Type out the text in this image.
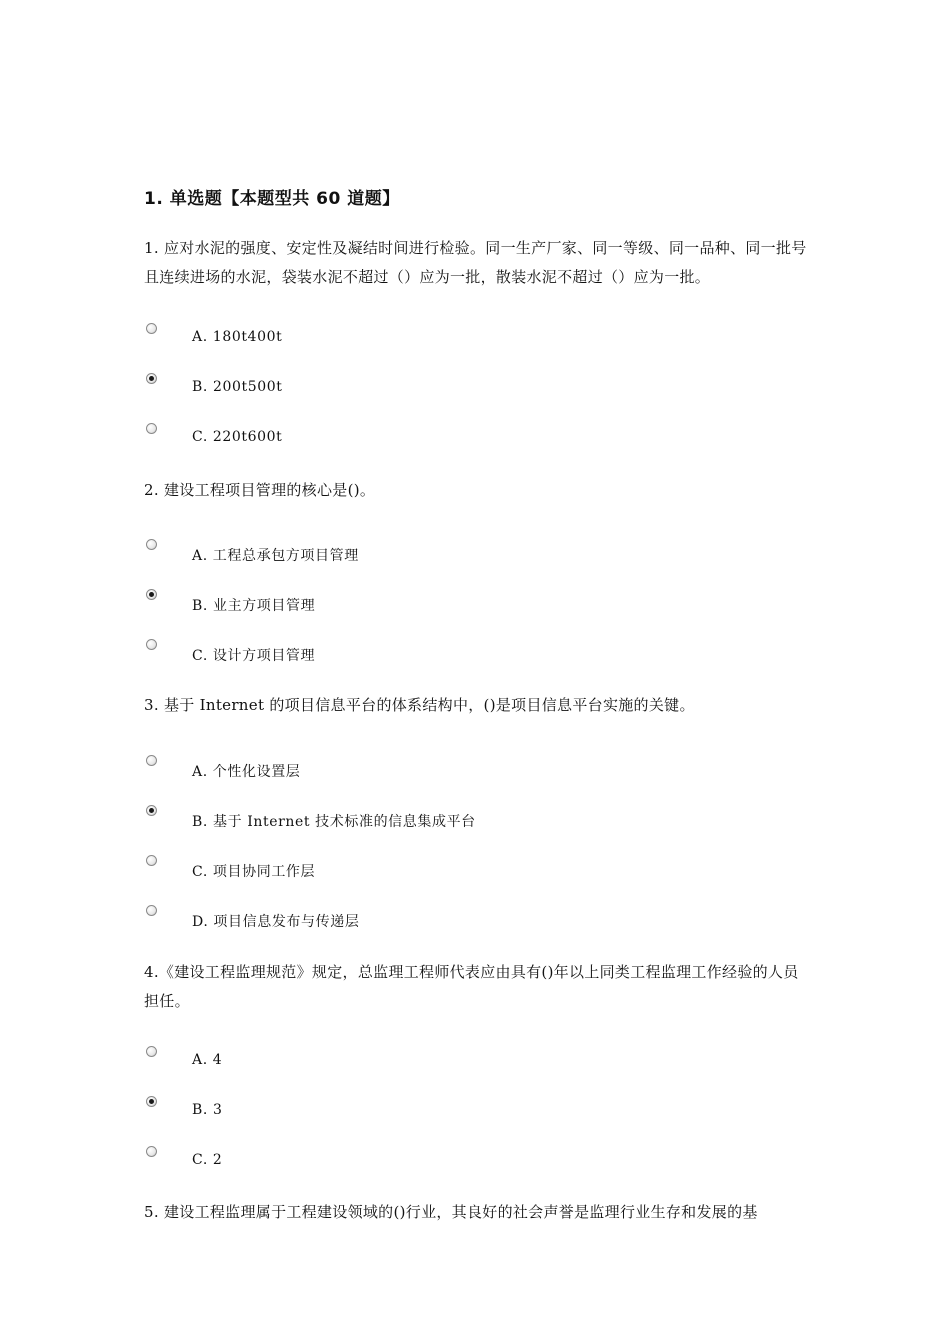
1. 单选题【本题型共 60 道题】
1. 应对水泥的强度、安定性及凝结时间进行检验。同一生产厂家、同一等级、同一品种、同一批号且连续进场的水泥，袋装水泥不超过（）应为一批，散装水泥不超过（）应为一批。
A. 180t400t
B. 200t500t
C. 220t600t
2. 建设工程项目管理的核心是()。
A. 工程总承包方项目管理
B. 业主方项目管理
C. 设计方项目管理
3. 基于 Internet 的项目信息平台的体系结构中，()是项目信息平台实施的关键。
A. 个性化设置层
B. 基于 Internet 技术标准的信息集成平台
C. 项目协同工作层
D. 项目信息发布与传递层
4.《建设工程监理规范》规定，总监理工程师代表应由具有()年以上同类工程监理工作经验的人员担任。
A. 4
B. 3
C. 2
5. 建设工程监理属于工程建设领域的()行业，其良好的社会声誉是监理行业生存和发展的基
